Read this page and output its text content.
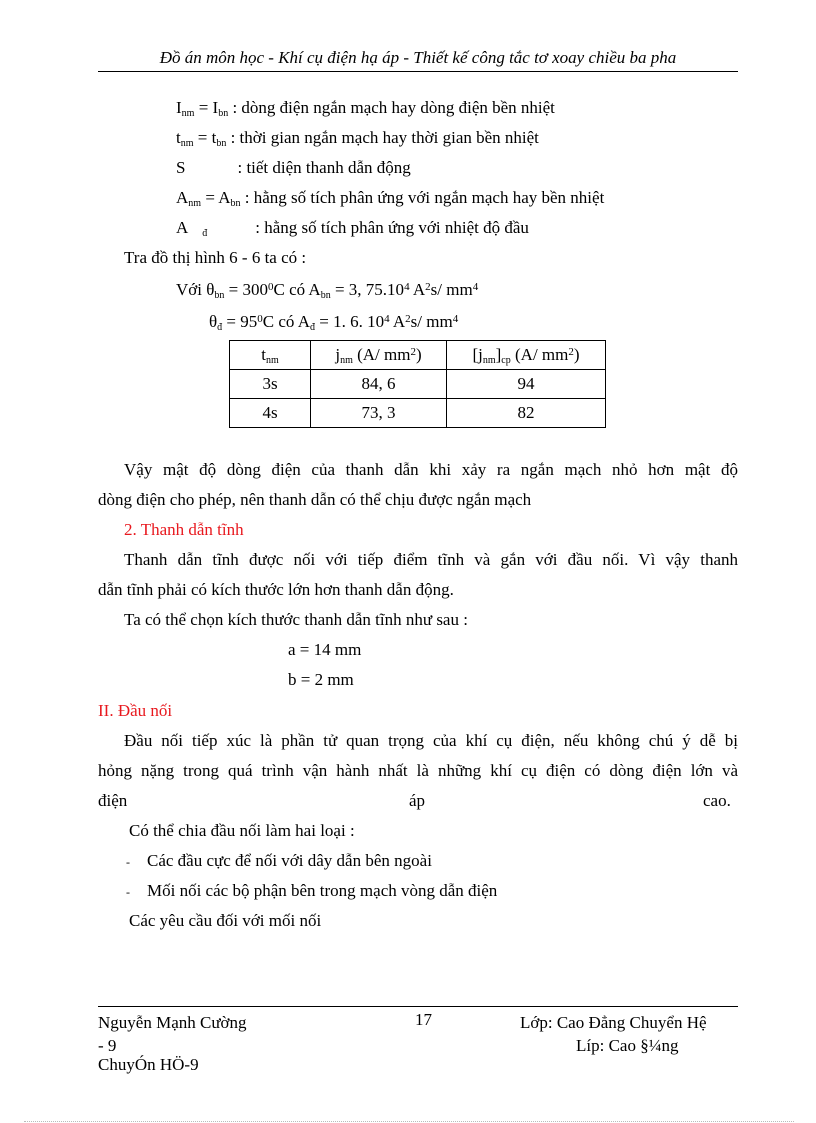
Đồ án môn học - Khí cụ điện hạ áp - Thiết kế công tắc tơ xoay chiều ba pha
$I_{nm} = I_{bn}$ : dòng điện ngắn mạch hay dòng điện bền nhiệt
$t_{nm} = t_{bn}$ : thời gian ngắn mạch hay thời gian bền nhiệt
S	: tiết diện thanh dẫn động
$A_{nm} = A_{bn}$ : hằng số tích phân ứng với ngắn mạch hay bền nhiệt
A $_đ$	: hằng số tích phân ứng với nhiệt độ đầu
Tra đồ thị hình 6 - 6 ta có :
Với $\theta_{bn} = 300^0C$ có $A_{bn} = 3$, 75.10$^4$ $A^2s/$ $mm^4$
$\theta_đ = 95^0C$ có $A_đ = 1$. 6. $10^4$ $A^2s/$ $mm^4$
$t_{nm}$	$j_{nm}$ (A/ $mm^2$)	$[j_{nm}]_{cp}$ (A/ $mm^2$)
3s	84, 6	94
4s	73, 3	82
Vậy mật độ dòng điện của thanh dẫn khi xảy ra ngắn mạch nhỏ hơn mật độ
dòng điện cho phép, nên thanh dẫn có thể chịu được ngắn mạch
2. Thanh dẫn tĩnh
Thanh dẫn tĩnh được nối với tiếp điểm tĩnh và gắn với đầu nối. Vì vậy thanh
dẫn tĩnh phải có kích thước lớn hơn thanh dẫn động.
Ta có thể chọn kích thước thanh dẫn tĩnh như sau :
a = 14 mm
b = 2 mm
II. Đầu nối
Đầu nối tiếp xúc là phần tử quan trọng của khí cụ điện, nếu không chú ý dễ bị
hỏng nặng trong quá trình vận hành nhất là những khí cụ điện có dòng điện lớn và
điện	áp	cao.
Có thể chia đầu nối làm hai loại :
- Các đầu cực để nối với dây dẫn bên ngoài
- Mối nối các bộ phận bên trong mạch vòng dẫn điện
Các yêu cầu đối với mối nối
Nguyễn Mạnh Cường
- 9
ChuyÓn HÖ-9
17	Lớp: Cao Đẳng Chuyển Hệ
Líp: Cao §¼ng
